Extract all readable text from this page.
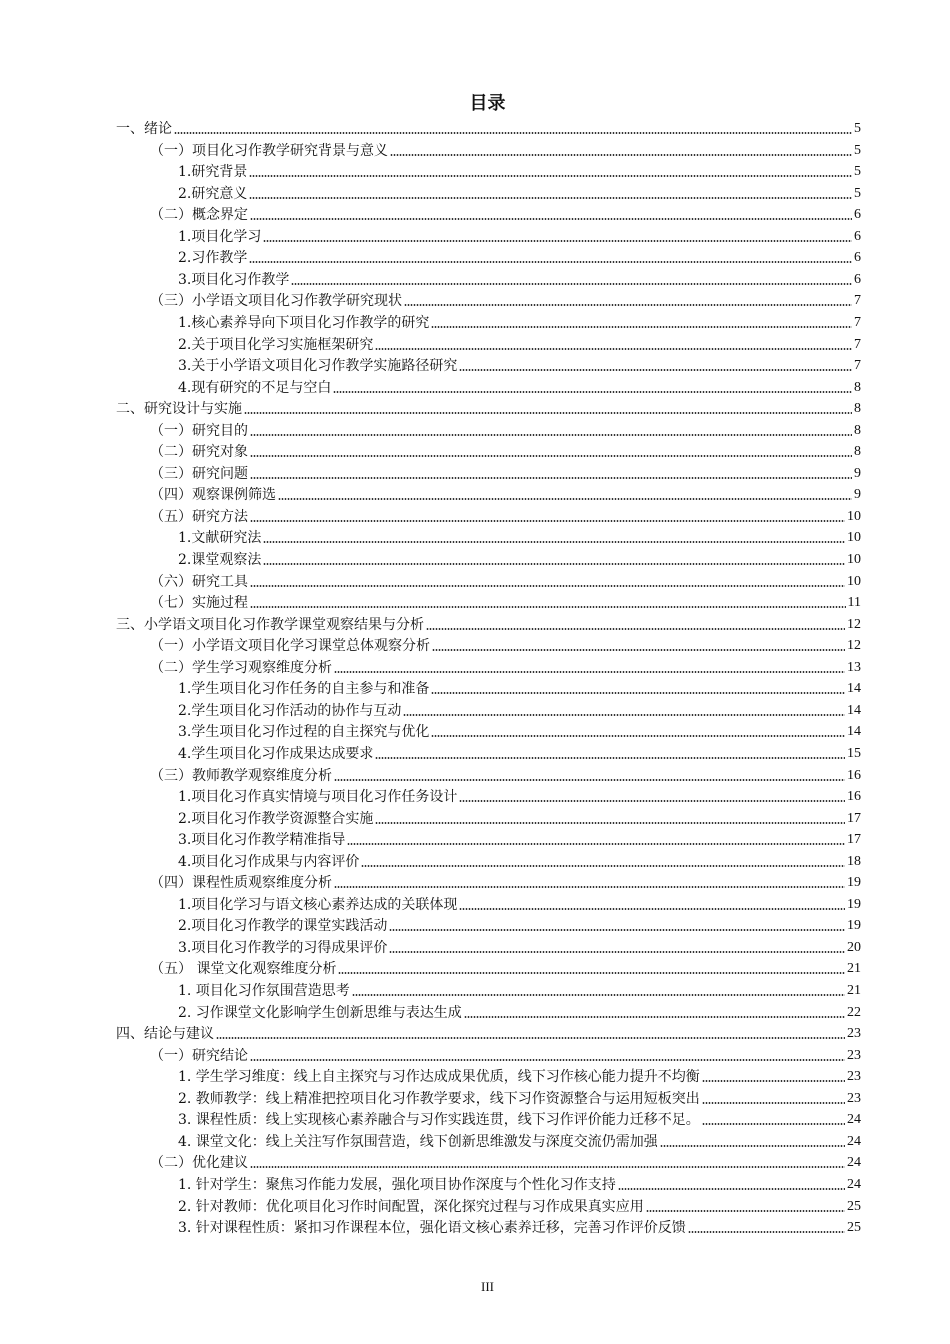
目录
一、绪论	5
（一）项目化习作教学研究背景与意义	5
1.研究背景	5
2.研究意义	5
（二）概念界定	6
1.项目化学习	6
2.习作教学	6
3.项目化习作教学	6
（三）小学语文项目化习作教学研究现状	7
1.核心素养导向下项目化习作教学的研究	7
2.关于项目化学习实施框架研究	7
3.关于小学语文项目化习作教学实施路径研究	7
4.现有研究的不足与空白	8
二、研究设计与实施	8
（一）研究目的	8
（二）研究对象	8
（三）研究问题	9
（四）观察课例筛选	9
（五）研究方法	10
1.文献研究法	10
2.课堂观察法	10
（六）研究工具	10
（七）实施过程	11
三、小学语文项目化习作教学课堂观察结果与分析	12
（一）小学语文项目化学习课堂总体观察分析	12
（二）学生学习观察维度分析	13
1.学生项目化习作任务的自主参与和准备	14
2.学生项目化习作活动的协作与互动	14
3.学生项目化习作过程的自主探究与优化	14
4.学生项目化习作成果达成要求	15
（三）教师教学观察维度分析	16
1.项目化习作真实情境与项目化习作任务设计	16
2.项目化习作教学资源整合实施	17
3.项目化习作教学精准指导	17
4.项目化习作成果与内容评价	18
（四）课程性质观察维度分析	19
1.项目化学习与语文核心素养达成的关联体现	19
2.项目化习作教学的课堂实践活动	19
3.项目化习作教学的习得成果评价	20
（五） 课堂文化观察维度分析	21
1. 项目化习作氛围营造思考	21
2. 习作课堂文化影响学生创新思维与表达生成	22
四、结论与建议	23
（一）研究结论	23
1. 学生学习维度：线上自主探究与习作达成成果优质，线下习作核心能力提升不均衡	23
2. 教师教学：线上精准把控项目化习作教学要求，线下习作资源整合与运用短板突出	23
3. 课程性质：线上实现核心素养融合与习作实践连贯，线下习作评价能力迁移不足。	24
4. 课堂文化：线上关注写作氛围营造，线下创新思维激发与深度交流仍需加强	24
（二）优化建议	24
1. 针对学生：聚焦习作能力发展，强化项目协作深度与个性化习作支持	24
2. 针对教师：优化项目化习作时间配置，深化探究过程与习作成果真实应用	25
3. 针对课程性质：紧扣习作课程本位，强化语文核心素养迁移，完善习作评价反馈	25
III
